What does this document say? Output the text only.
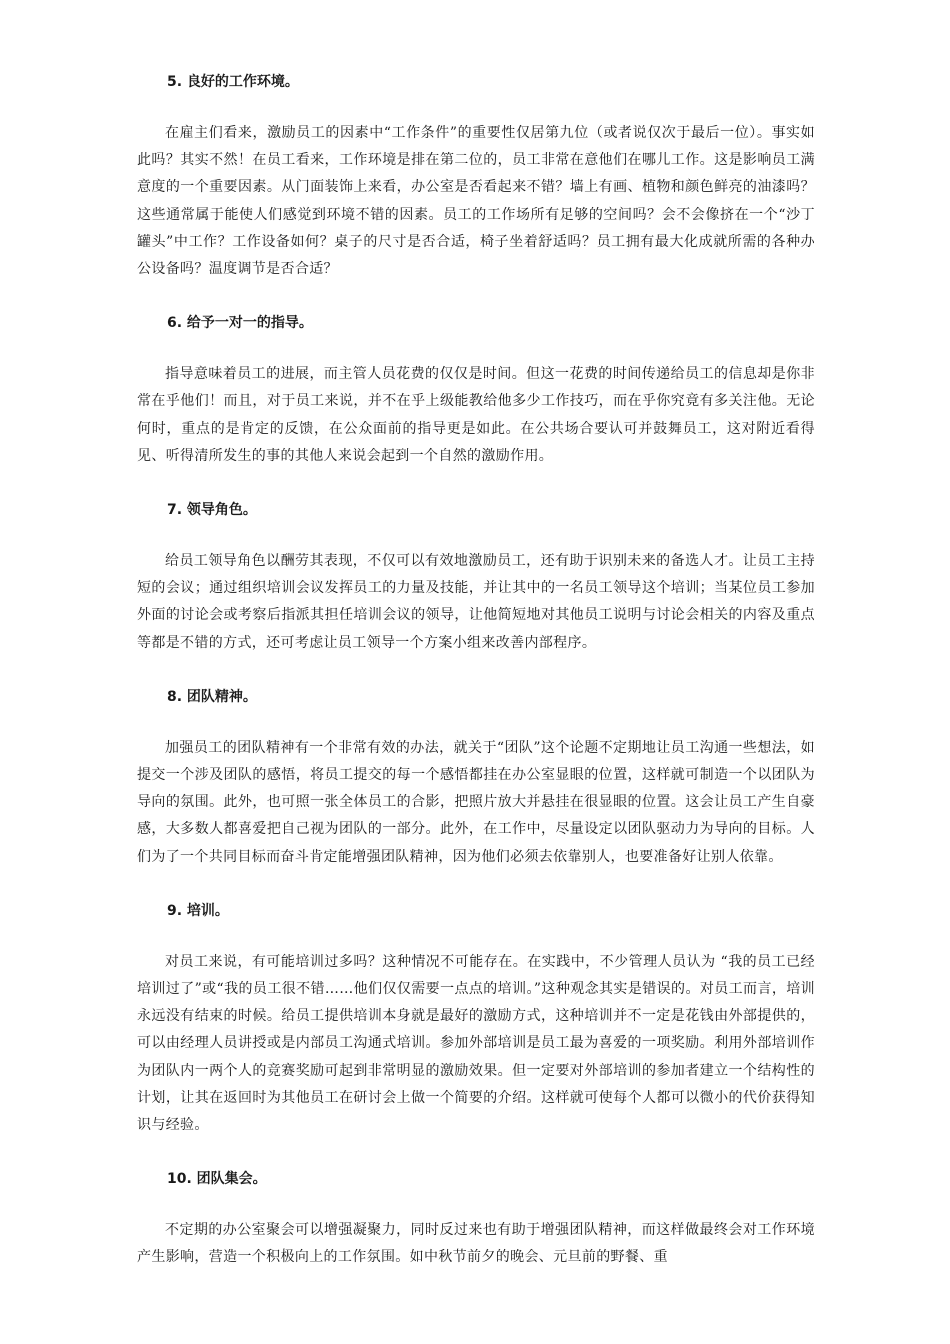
5. 良好的工作环境。

在雇主们看来，激励员工的因素中“工作条件”的重要性仅居第九位（或者说仅次于最后一位）。事实如此吗？其实不然！在员工看来，工作环境是排在第二位的，员工非常在意他们在哪儿工作。这是影响员工满意度的一个重要因素。从门面装饰上来看，办公室是否看起来不错？墙上有画、植物和颜色鲜亮的油漆吗？这些通常属于能使人们感觉到环境不错的因素。员工的工作场所有足够的空间吗？会不会像挤在一个“沙丁罐头”中工作？工作设备如何？桌子的尺寸是否合适，椅子坐着舒适吗？员工拥有最大化成就所需的各种办公设备吗？温度调节是否合适？

6. 给予一对一的指导。

指导意味着员工的进展，而主管人员花费的仅仅是时间。但这一花费的时间传递给员工的信息却是你非常在乎他们！而且，对于员工来说，并不在乎上级能教给他多少工作技巧，而在乎你究竟有多关注他。无论何时，重点的是肯定的反馈，在公众面前的指导更是如此。在公共场合要认可并鼓舞员工，这对附近看得见、听得清所发生的事的其他人来说会起到一个自然的激励作用。

7. 领导角色。

给员工领导角色以酬劳其表现，不仅可以有效地激励员工，还有助于识别未来的备选人才。让员工主持短的会议；通过组织培训会议发挥员工的力量及技能，并让其中的一名员工领导这个培训；当某位员工参加外面的讨论会或考察后指派其担任培训会议的领导，让他简短地对其他员工说明与讨论会相关的内容及重点等都是不错的方式，还可考虑让员工领导一个方案小组来改善内部程序。

8. 团队精神。

加强员工的团队精神有一个非常有效的办法，就关于“团队”这个论题不定期地让员工沟通一些想法，如提交一个涉及团队的感悟，将员工提交的每一个感悟都挂在办公室显眼的位置，这样就可制造一个以团队为导向的氛围。此外，也可照一张全体员工的合影，把照片放大并悬挂在很显眼的位置。这会让员工产生自豪感，大多数人都喜爱把自己视为团队的一部分。此外，在工作中，尽量设定以团队驱动力为导向的目标。人们为了一个共同目标而奋斗肯定能增强团队精神，因为他们必须去依靠别人，也要准备好让别人依靠。

9. 培训。

对员工来说，有可能培训过多吗？这种情况不可能存在。在实践中，不少管理人员认为 “我的员工已经培训过了”或“我的员工很不错……他们仅仅需要一点点的培训。”这种观念其实是错误的。对员工而言，培训永远没有结束的时候。给员工提供培训本身就是最好的激励方式，这种培训并不一定是花钱由外部提供的，可以由经理人员讲授或是内部员工沟通式培训。参加外部培训是员工最为喜爱的一项奖励。利用外部培训作为团队内一两个人的竞赛奖励可起到非常明显的激励效果。但一定要对外部培训的参加者建立一个结构性的计划，让其在返回时为其他员工在研讨会上做一个简要的介绍。这样就可使每个人都可以微小的代价获得知识与经验。

10. 团队集会。

不定期的办公室聚会可以增强凝聚力，同时反过来也有助于增强团队精神，而这样做最终会对工作环境产生影响，营造一个积极向上的工作氛围。如中秋节前夕的晚会、元旦前的野餐、重
